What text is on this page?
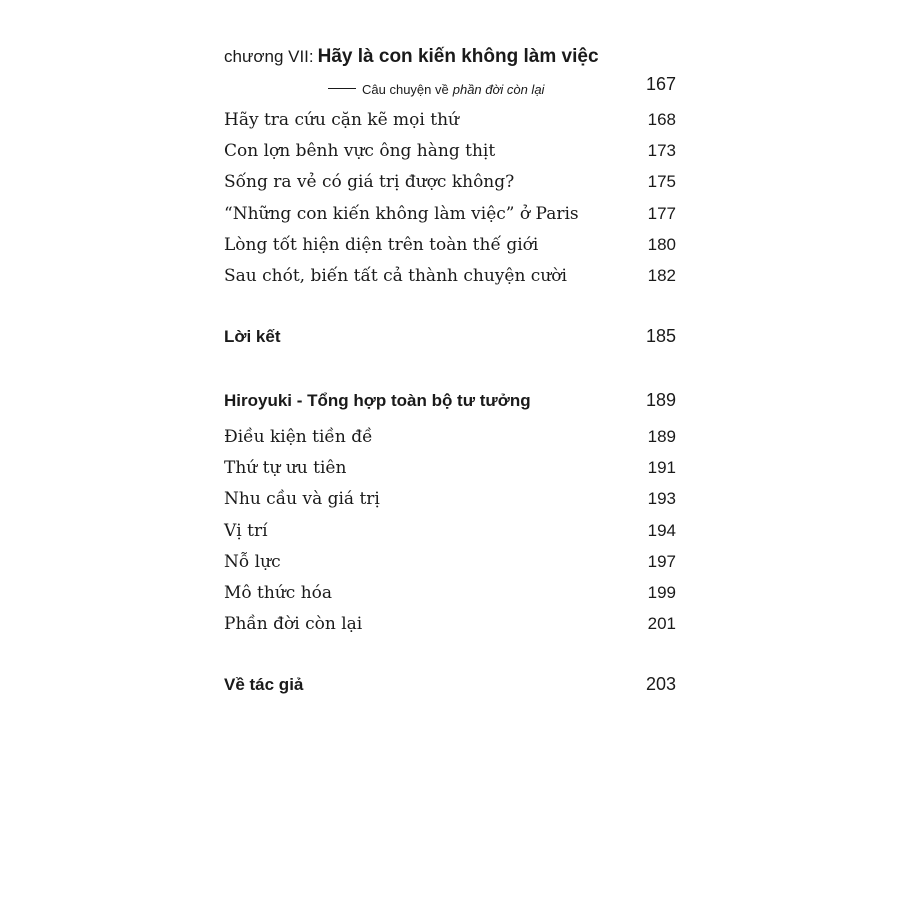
chương VII: Hãy là con kiến không làm việc
Câu chuyện về phần đời còn lại	167
Hãy tra cứu cặn kẽ mọi thứ	168
Con lợn bênh vực ông hàng thịt	173
Sống ra vẻ có giá trị được không?	175
“Những con kiến không làm việc” ở Paris	177
Lòng tốt hiện diện trên toàn thế giới	180
Sau chót, biến tất cả thành chuyện cười	182
Lời kết	185
Hiroyuki - Tổng hợp toàn bộ tư tưởng	189
Điều kiện tiền đề	189
Thứ tự ưu tiên	191
Nhu cầu và giá trị	193
Vị trí	194
Nỗ lực	197
Mô thức hóa	199
Phần đời còn lại	201
Về tác giả	203
